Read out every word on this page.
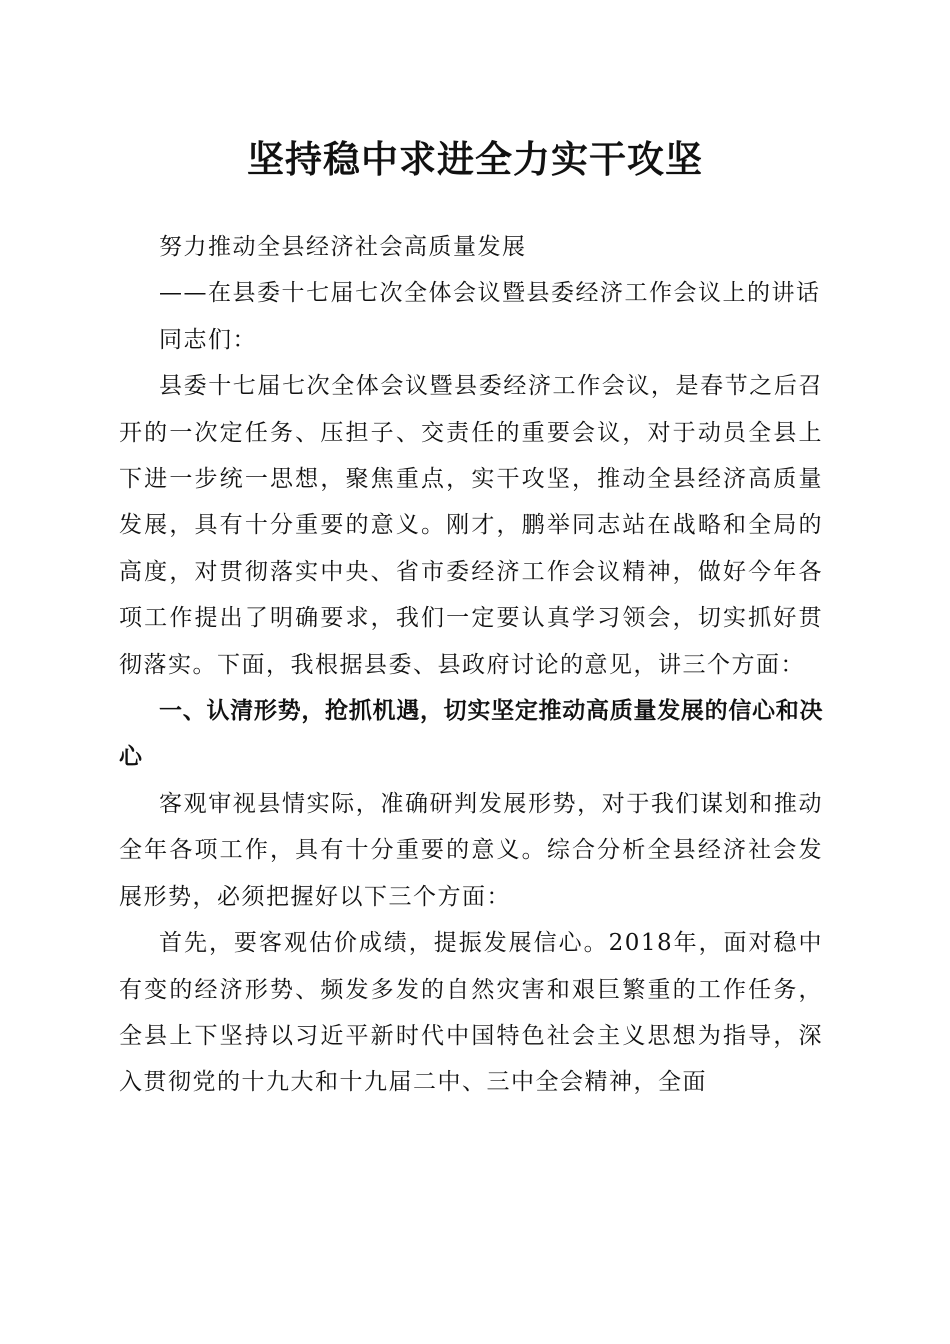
坚持稳中求进全力实干攻坚

努力推动全县经济社会高质量发展

——在县委十七届七次全体会议暨县委经济工作会议上的讲话

同志们：

县委十七届七次全体会议暨县委经济工作会议，是春节之后召开的一次定任务、压担子、交责任的重要会议，对于动员全县上下进一步统一思想，聚焦重点，实干攻坚，推动全县经济高质量发展，具有十分重要的意义。刚才，鹏举同志站在战略和全局的高度，对贯彻落实中央、省市委经济工作会议精神，做好今年各项工作提出了明确要求，我们一定要认真学习领会，切实抓好贯彻落实。下面，我根据县委、县政府讨论的意见，讲三个方面：

一、认清形势，抢抓机遇，切实坚定推动高质量发展的信心和决心

客观审视县情实际，准确研判发展形势，对于我们谋划和推动全年各项工作，具有十分重要的意义。综合分析全县经济社会发展形势，必须把握好以下三个方面：

首先，要客观估价成绩，提振发展信心。2018年，面对稳中有变的经济形势、频发多发的自然灾害和艰巨繁重的工作任务，全县上下坚持以习近平新时代中国特色社会主义思想为指导，深入贯彻党的十九大和十九届二中、三中全会精神，全面
